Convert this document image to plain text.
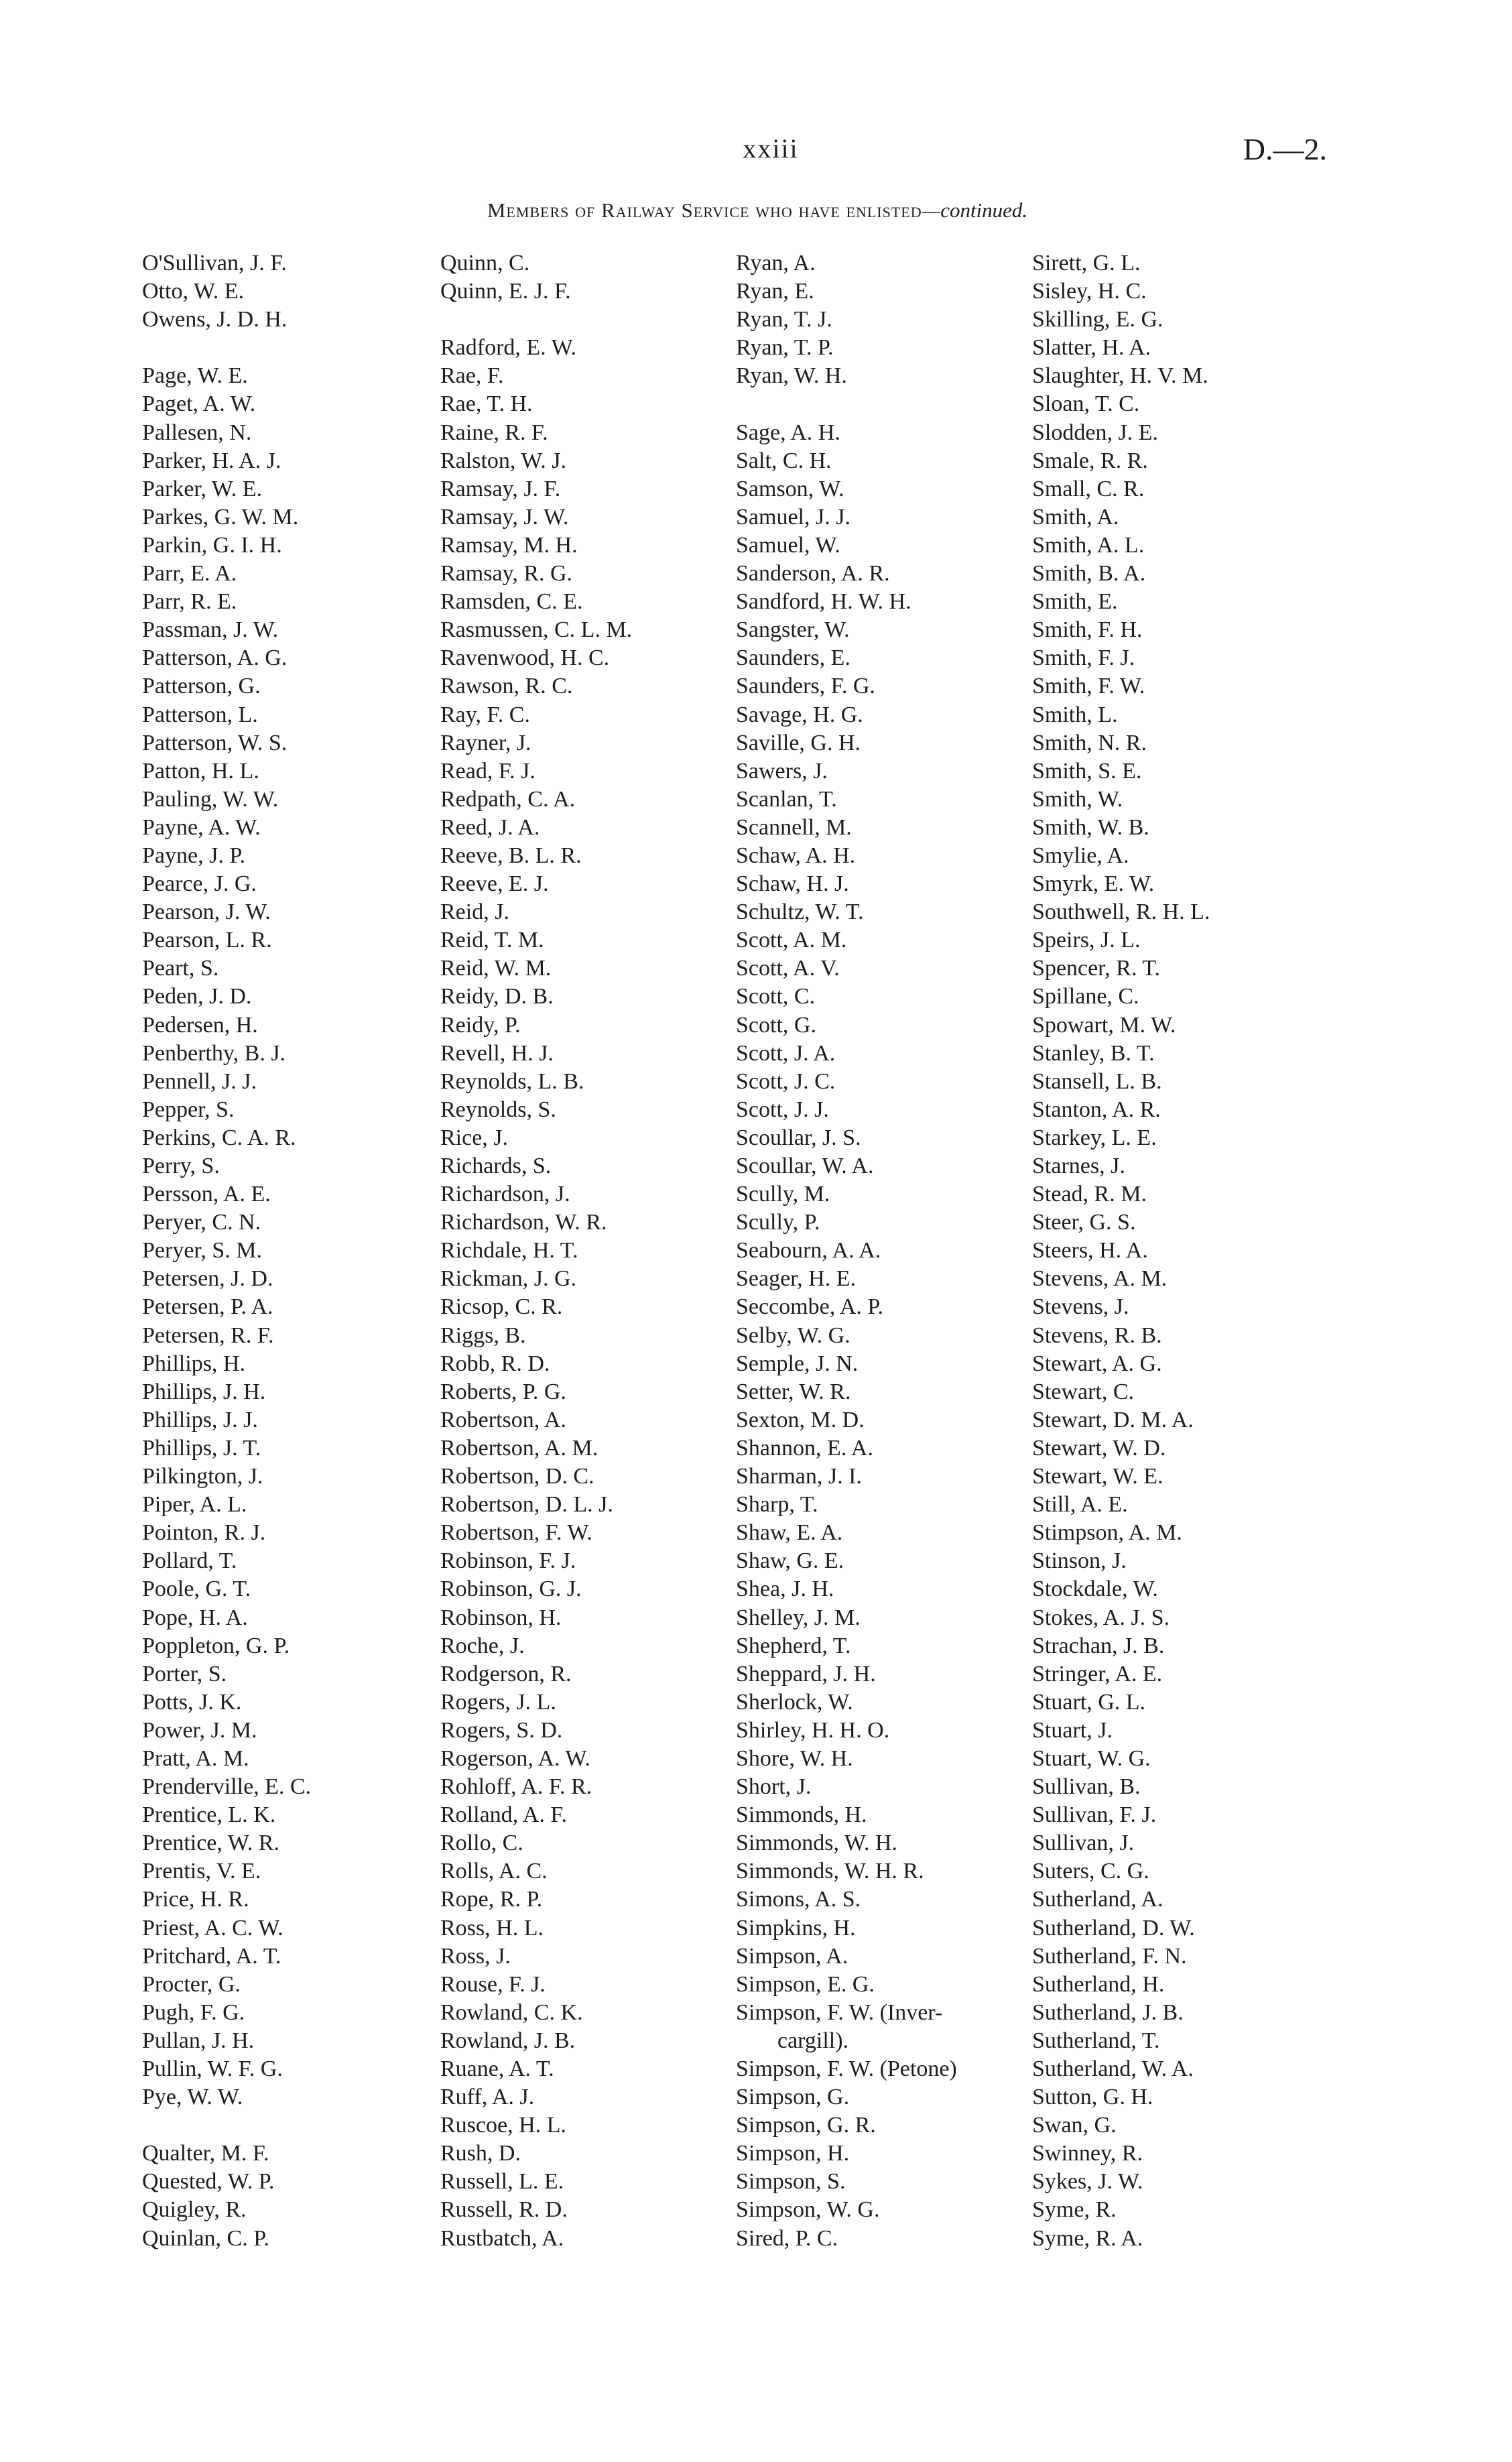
xxiii	D.—2.
Members of Railway Service who have enlisted—continued.
O'Sullivan, J. F.
Otto, W. E.
Owens, J. D. H.
Page, W. E.
Paget, A. W.
Pallesen, N.
Parker, H. A. J.
Parker, W. E.
Parkes, G. W. M.
Parkin, G. I. H.
Parr, E. A.
Parr, R. E.
Passman, J. W.
Patterson, A. G.
Patterson, G.
Patterson, L.
Patterson, W. S.
Patton, H. L.
Pauling, W. W.
Payne, A. W.
Payne, J. P.
Pearce, J. G.
Pearson, J. W.
Pearson, L. R.
Peart, S.
Peden, J. D.
Pedersen, H.
Penberthy, B. J.
Pennell, J. J.
Pepper, S.
Perkins, C. A. R.
Perry, S.
Persson, A. E.
Peryer, C. N.
Peryer, S. M.
Petersen, J. D.
Petersen, P. A.
Petersen, R. F.
Phillips, H.
Phillips, J. H.
Phillips, J. J.
Phillips, J. T.
Pilkington, J.
Piper, A. L.
Pointon, R. J.
Pollard, T.
Poole, G. T.
Pope, H. A.
Poppleton, G. P.
Porter, S.
Potts, J. K.
Power, J. M.
Pratt, A. M.
Prenderville, E. C.
Prentice, L. K.
Prentice, W. R.
Prentis, V. E.
Price, H. R.
Priest, A. C. W.
Pritchard, A. T.
Procter, G.
Pugh, F. G.
Pullan, J. H.
Pullin, W. F. G.
Pye, W. W.
Qualter, M. F.
Quested, W. P.
Quigley, R.
Quinlan, C. P.
Quinn, C.
Quinn, E. J. F.
Radford, E. W.
Rae, F.
Rae, T. H.
Raine, R. F.
Ralston, W. J.
Ramsay, J. F.
Ramsay, J. W.
Ramsay, M. H.
Ramsay, R. G.
Ramsden, C. E.
Rasmussen, C. L. M.
Ravenwood, H. C.
Rawson, R. C.
Ray, F. C.
Rayner, J.
Read, F. J.
Redpath, C. A.
Reed, J. A.
Reeve, B. L. R.
Reeve, E. J.
Reid, J.
Reid, T. M.
Reid, W. M.
Reidy, D. B.
Reidy, P.
Revell, H. J.
Reynolds, L. B.
Reynolds, S.
Rice, J.
Richards, S.
Richardson, J.
Richardson, W. R.
Richdale, H. T.
Rickman, J. G.
Ricsop, C. R.
Riggs, B.
Robb, R. D.
Roberts, P. G.
Robertson, A.
Robertson, A. M.
Robertson, D. C.
Robertson, D. L. J.
Robertson, F. W.
Robinson, F. J.
Robinson, G. J.
Robinson, H.
Roche, J.
Rodgerson, R.
Rogers, J. L.
Rogers, S. D.
Rogerson, A. W.
Rohloff, A. F. R.
Rolland, A. F.
Rollo, C.
Rolls, A. C.
Rope, R. P.
Ross, H. L.
Ross, J.
Rouse, F. J.
Rowland, C. K.
Rowland, J. B.
Ruane, A. T.
Ruff, A. J.
Ruscoe, H. L.
Rush, D.
Russell, L. E.
Russell, R. D.
Rustbatch, A.
Ryan, A.
Ryan, E.
Ryan, T. J.
Ryan, T. P.
Ryan, W. H.
Sage, A. H.
Salt, C. H.
Samson, W.
Samuel, J. J.
Samuel, W.
Sanderson, A. R.
Sandford, H. W. H.
Sangster, W.
Saunders, E.
Saunders, F. G.
Savage, H. G.
Saville, G. H.
Sawers, J.
Scanlan, T.
Scannell, M.
Schaw, A. H.
Schaw, H. J.
Schultz, W. T.
Scott, A. M.
Scott, A. V.
Scott, C.
Scott, G.
Scott, J. A.
Scott, J. C.
Scott, J. J.
Scoullar, J. S.
Scoullar, W. A.
Scully, M.
Scully, P.
Seabourn, A. A.
Seager, H. E.
Seccombe, A. P.
Selby, W. G.
Semple, J. N.
Setter, W. R.
Sexton, M. D.
Shannon, E. A.
Sharman, J. I.
Sharp, T.
Shaw, E. A.
Shaw, G. E.
Shea, J. H.
Shelley, J. M.
Shepherd, T.
Sheppard, J. H.
Sherlock, W.
Shirley, H. H. O.
Shore, W. H.
Short, J.
Simmonds, H.
Simmonds, W. H.
Simmonds, W. H. R.
Simons, A. S.
Simpkins, H.
Simpson, A.
Simpson, E. G.
Simpson, F. W. (Inver-
cargill).
Simpson, F. W. (Petone)
Simpson, G.
Simpson, G. R.
Simpson, H.
Simpson, S.
Simpson, W. G.
Sired, P. C.
Sirett, G. L.
Sisley, H. C.
Skilling, E. G.
Slatter, H. A.
Slaughter, H. V. M.
Sloan, T. C.
Slodden, J. E.
Smale, R. R.
Small, C. R.
Smith, A.
Smith, A. L.
Smith, B. A.
Smith, E.
Smith, F. H.
Smith, F. J.
Smith, F. W.
Smith, L.
Smith, N. R.
Smith, S. E.
Smith, W.
Smith, W. B.
Smylie, A.
Smyrk, E. W.
Southwell, R. H. L.
Speirs, J. L.
Spencer, R. T.
Spillane, C.
Spowart, M. W.
Stanley, B. T.
Stansell, L. B.
Stanton, A. R.
Starkey, L. E.
Starnes, J.
Stead, R. M.
Steer, G. S.
Steers, H. A.
Stevens, A. M.
Stevens, J.
Stevens, R. B.
Stewart, A. G.
Stewart, C.
Stewart, D. M. A.
Stewart, W. D.
Stewart, W. E.
Still, A. E.
Stimpson, A. M.
Stinson, J.
Stockdale, W.
Stokes, A. J. S.
Strachan, J. B.
Stringer, A. E.
Stuart, G. L.
Stuart, J.
Stuart, W. G.
Sullivan, B.
Sullivan, F. J.
Sullivan, J.
Suters, C. G.
Sutherland, A.
Sutherland, D. W.
Sutherland, F. N.
Sutherland, H.
Sutherland, J. B.
Sutherland, T.
Sutherland, W. A.
Sutton, G. H.
Swan, G.
Swinney, R.
Sykes, J. W.
Syme, R.
Syme, R. A.
